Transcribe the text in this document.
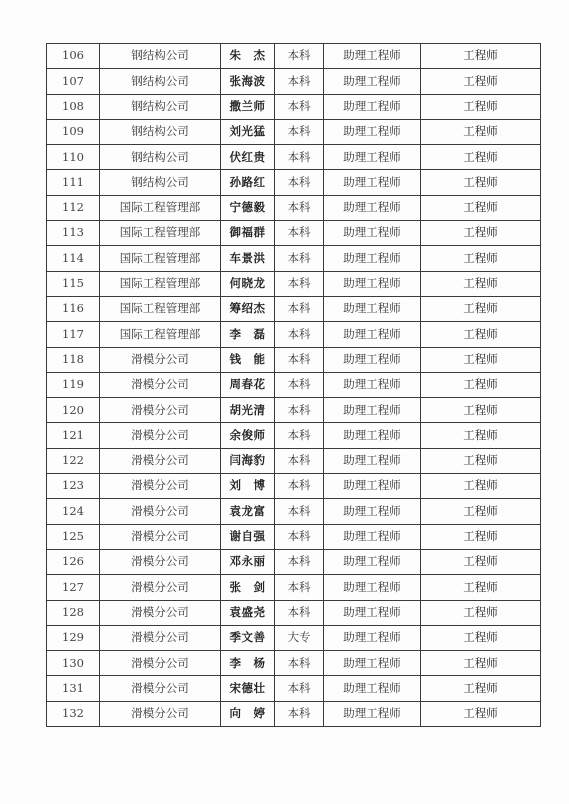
106	钢结构公司	朱　杰	本科	助理工程师	工程师
107	钢结构公司	张海波	本科	助理工程师	工程师
108	钢结构公司	撒兰师	本科	助理工程师	工程师
109	钢结构公司	刘光猛	本科	助理工程师	工程师
110	钢结构公司	伏红贵	本科	助理工程师	工程师
111	钢结构公司	孙路红	本科	助理工程师	工程师
112	国际工程管理部	宁德毅	本科	助理工程师	工程师
113	国际工程管理部	御福群	本科	助理工程师	工程师
114	国际工程管理部	车景洪	本科	助理工程师	工程师
115	国际工程管理部	何晓龙	本科	助理工程师	工程师
116	国际工程管理部	筹绍杰	本科	助理工程师	工程师
117	国际工程管理部	李　磊	本科	助理工程师	工程师
118	滑模分公司	钱　能	本科	助理工程师	工程师
119	滑模分公司	周春花	本科	助理工程师	工程师
120	滑模分公司	胡光清	本科	助理工程师	工程师
121	滑模分公司	余俊师	本科	助理工程师	工程师
122	滑模分公司	闫海豹	本科	助理工程师	工程师
123	滑模分公司	刘　博	本科	助理工程师	工程师
124	滑模分公司	袁龙富	本科	助理工程师	工程师
125	滑模分公司	谢自强	本科	助理工程师	工程师
126	滑模分公司	邓永丽	本科	助理工程师	工程师
127	滑模分公司	张　剑	本科	助理工程师	工程师
128	滑模分公司	袁盛尧	本科	助理工程师	工程师
129	滑模分公司	季文善	大专	助理工程师	工程师
130	滑模分公司	李　杨	本科	助理工程师	工程师
131	滑模分公司	宋德壮	本科	助理工程师	工程师
132	滑模分公司	向　婷	本科	助理工程师	工程师
